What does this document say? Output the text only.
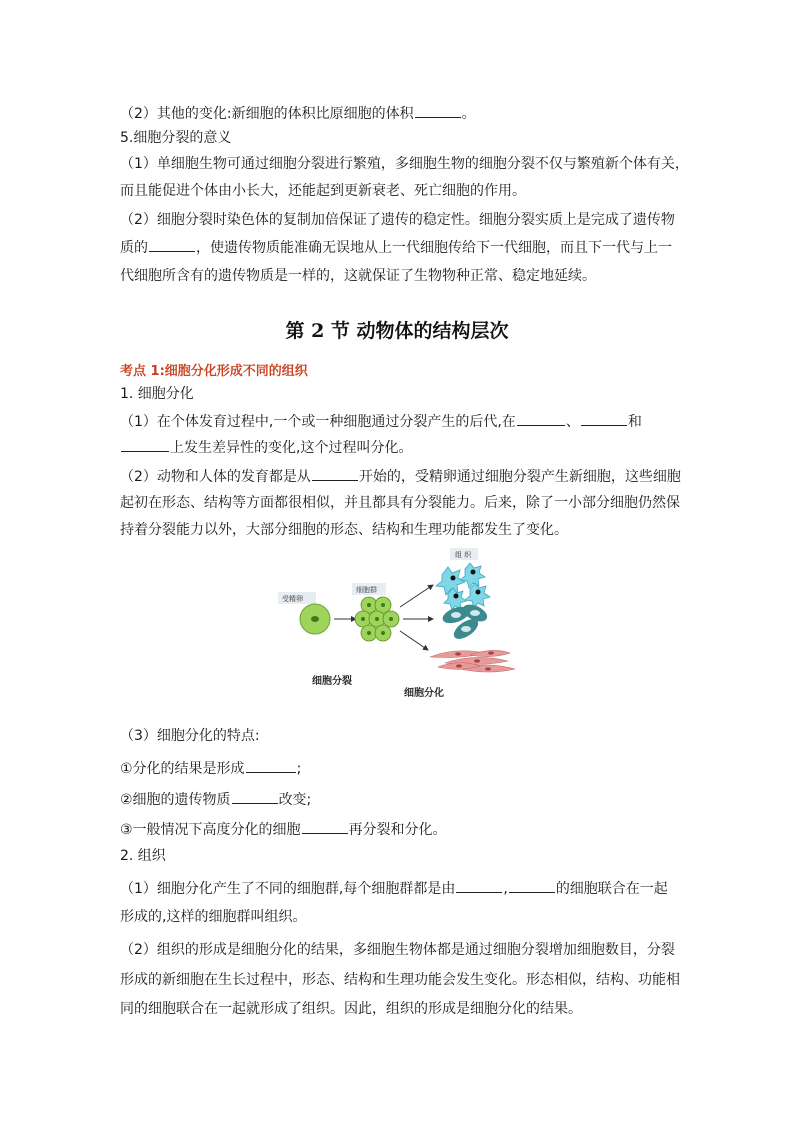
（2）其他的变化:新细胞的体积比原细胞的体积	。
5.细胞分裂的意义
（1）单细胞生物可通过细胞分裂进行繁殖，多细胞生物的细胞分裂不仅与繁殖新个体有关，
而且能促进个体由小长大，还能起到更新衰老、死亡细胞的作用。
（2）细胞分裂时染色体的复制加倍保证了遗传的稳定性。细胞分裂实质上是完成了遗传物
质的	，使遗传物质能准确无误地从上一代细胞传给下一代细胞，而且下一代与上一
代细胞所含有的遗传物质是一样的，这就保证了生物物种正常、稳定地延续。
第 2 节 动物体的结构层次
考点 1:细胞分化形成不同的组织
1. 细胞分化
（1）在个体发育过程中,一个或一种细胞通过分裂产生的后代,在	、	和
上发生差异性的变化,这个过程叫分化。
（2）动物和人体的发育都是从	开始的，受精卵通过细胞分裂产生新细胞，这些细胞
起初在形态、结构等方面都很相似，并且都具有分裂能力。后来，除了一小部分细胞仍然保
持着分裂能力以外，大部分细胞的形态、结构和生理功能都发生了变化。
受精卵
细胞群
组 织
细胞分裂
细胞分化
（3）细胞分化的特点:
①分化的结果是形成	;
②细胞的遗传物质	改变;
③一般情况下高度分化的细胞	再分裂和分化。
2. 组织
（1）细胞分化产生了不同的细胞群,每个细胞群都是由	,	的细胞联合在一起
形成的,这样的细胞群叫组织。
（2）组织的形成是细胞分化的结果，多细胞生物体都是通过细胞分裂增加细胞数目，分裂
形成的新细胞在生长过程中，形态、结构和生理功能会发生变化。形态相似，结构、功能相
同的细胞联合在一起就形成了组织。因此，组织的形成是细胞分化的结果。
